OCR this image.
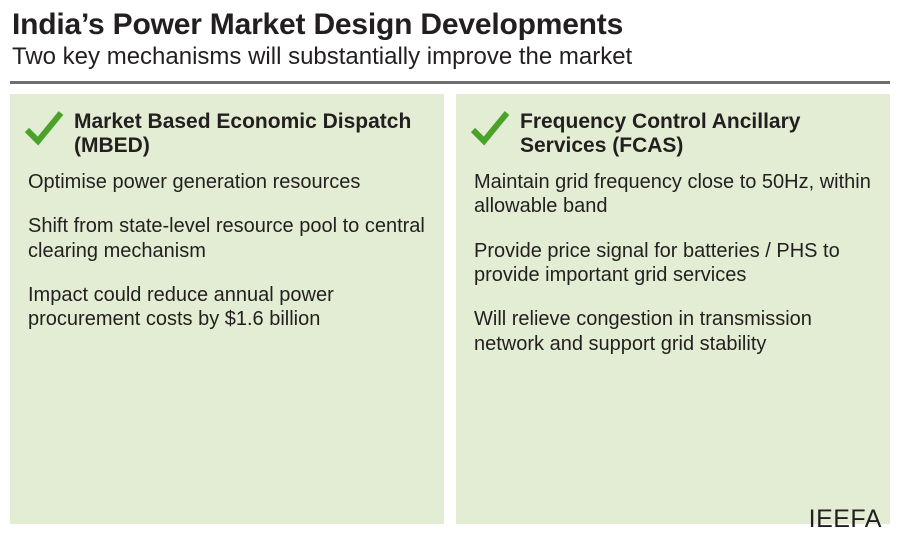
India’s Power Market Design Developments
Two key mechanisms will substantially improve the market
Market Based Economic Dispatch (MBED)
Optimise power generation resources
Shift from state-level resource pool to central clearing mechanism
Impact could reduce annual power procurement costs by $1.6 billion
Frequency Control Ancillary Services (FCAS)
Maintain grid frequency close to 50Hz, within allowable band
Provide price signal for batteries / PHS to provide important grid services
Will relieve congestion in transmission network and support grid stability
IEEFA
